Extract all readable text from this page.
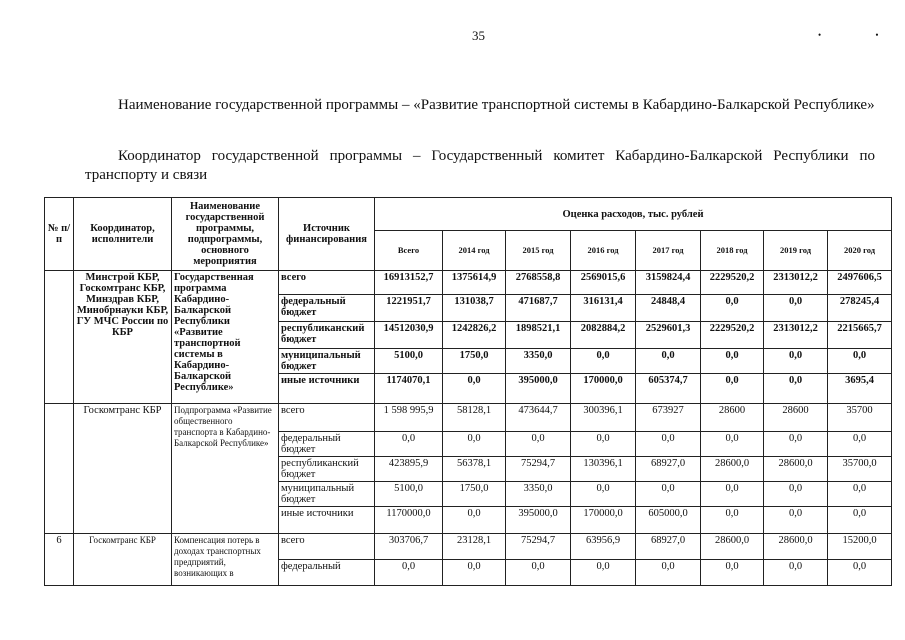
35	• •
Наименование государственной программы – «Развитие транспортной системы в Кабардино-Балкарской Республике»
Координатор государственной программы – Государственный комитет Кабардино-Балкарской Республики по транспорту и связи
№ п/п	Координатор, исполнители	Наименование государственной программы, подпрограммы, основного мероприятия	Источник финансирования	Оценка расходов, тыс. рублей							
				Всего	2014 год	2015 год	2016 год	2017 год	2018 год	2019 год	2020 год
	Минстрой КБР, Госкомтранс КБР, Минздрав КБР, Минобрнауки КБР, ГУ МЧС России по КБР	Государственная программа Кабардино-Балкарской Республики «Развитие транспортной системы в Кабардино-Балкарской Республике»	всего	16913152,7	1375614,9	2768558,8	2569015,6	3159824,4	2229520,2	2313012,2	2497606,5
			федеральный бюджет	1221951,7	131038,7	471687,7	316131,4	24848,4	0,0	0,0	278245,4
			республиканский бюджет	14512030,9	1242826,2	1898521,1	2082884,2	2529601,3	2229520,2	2313012,2	2215665,7
			муниципальный бюджет	5100,0	1750,0	3350,0	0,0	0,0	0,0	0,0	0,0
			иные источники	1174070,1	0,0	395000,0	170000,0	605374,7	0,0	0,0	3695,4
	Госкомтранс КБР	Подпрограмма «Развитие общественного транспорта в Кабардино-Балкарской Республике»	всего	1 598 995,9	58128,1	473644,7	300396,1	673927	28600	28600	35700
			федеральный бюджет	0,0	0,0	0,0	0,0	0,0	0,0	0,0	0,0
			республиканский бюджет	423895,9	56378,1	75294,7	130396,1	68927,0	28600,0	28600,0	35700,0
			муниципальный бюджет	5100,0	1750,0	3350,0	0,0	0,0	0,0	0,0	0,0
			иные источники	1170000,0	0,0	395000,0	170000,0	605000,0	0,0	0,0	0,0
6	Госкомтранс КБР	Компенсация потерь в доходах транспортных предприятий, возникающих в	всего	303706,7	23128,1	75294,7	63956,9	68927,0	28600,0	28600,0	15200,0
			федеральный	0,0	0,0	0,0	0,0	0,0	0,0	0,0	0,0
